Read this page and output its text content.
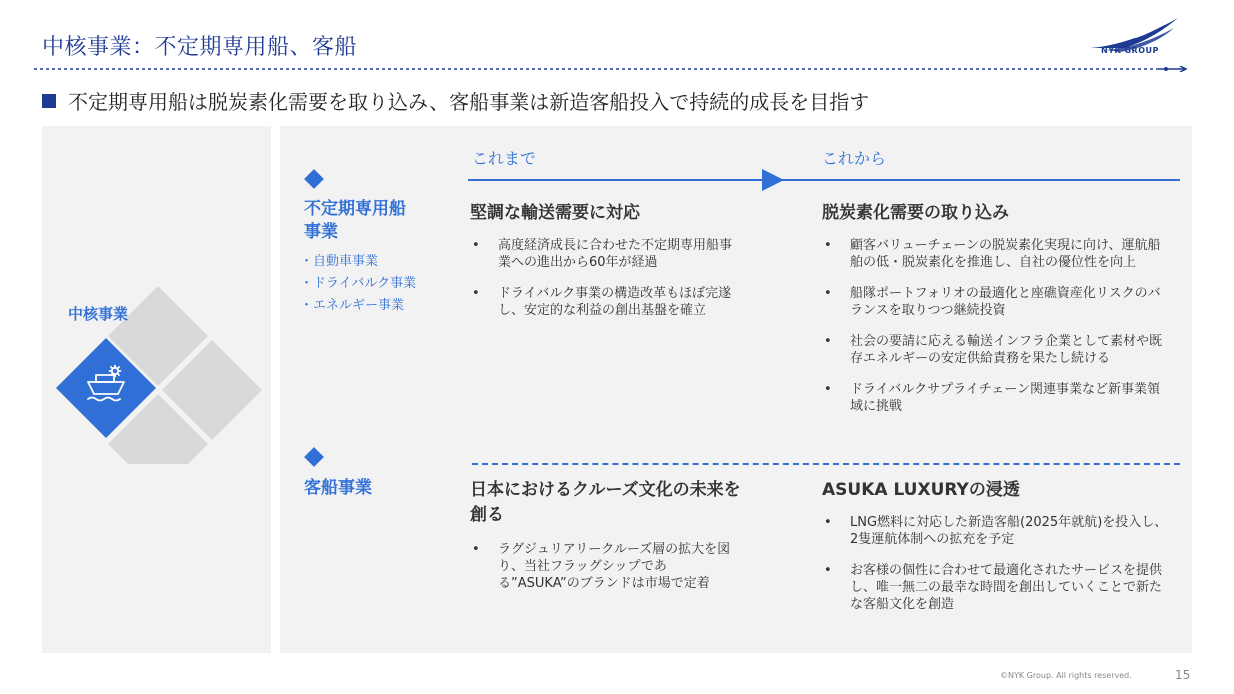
中核事業：不定期専用船、客船	NYK GROUP
不定期専用船は脱炭素化需要を取り込み、客船事業は新造客船投入で持続的成長を目指す
中核事業
これまで	これから
不定期専用船
事業
・自動車事業
・ドライバルク事業
・エネルギー事業
堅調な輸送需要に対応
• 高度経済成長に合わせた不定期専用船事業への進出から60年が経過
• ドライバルク事業の構造改革もほぼ完遂し、安定的な利益の創出基盤を確立
脱炭素化需要の取り込み
• 顧客バリューチェーンの脱炭素化実現に向け、運航船舶の低・脱炭素化を推進し、自社の優位性を向上
• 船隊ポートフォリオの最適化と座礁資産化リスクのバランスを取りつつ継続投資
• 社会の要請に応える輸送インフラ企業として素材や既存エネルギーの安定供給責務を果たし続ける
• ドライバルクサプライチェーン関連事業など新事業領域に挑戦
客船事業	日本におけるクルーズ文化の未来を創る
• ラグジュリアリークルーズ層の拡大を図り、当社フラッグシップである”ASUKA”のブランドは市場で定着
ASUKA LUXURYの浸透
• LNG燃料に対応した新造客船(2025年就航)を投入し、2隻運航体制への拡充を予定
• お客様の個性に合わせて最適化されたサービスを提供し、唯一無二の最幸な時間を創出していくことで新たな客船文化を創造
©NYK Group. All rights reserved.	15
